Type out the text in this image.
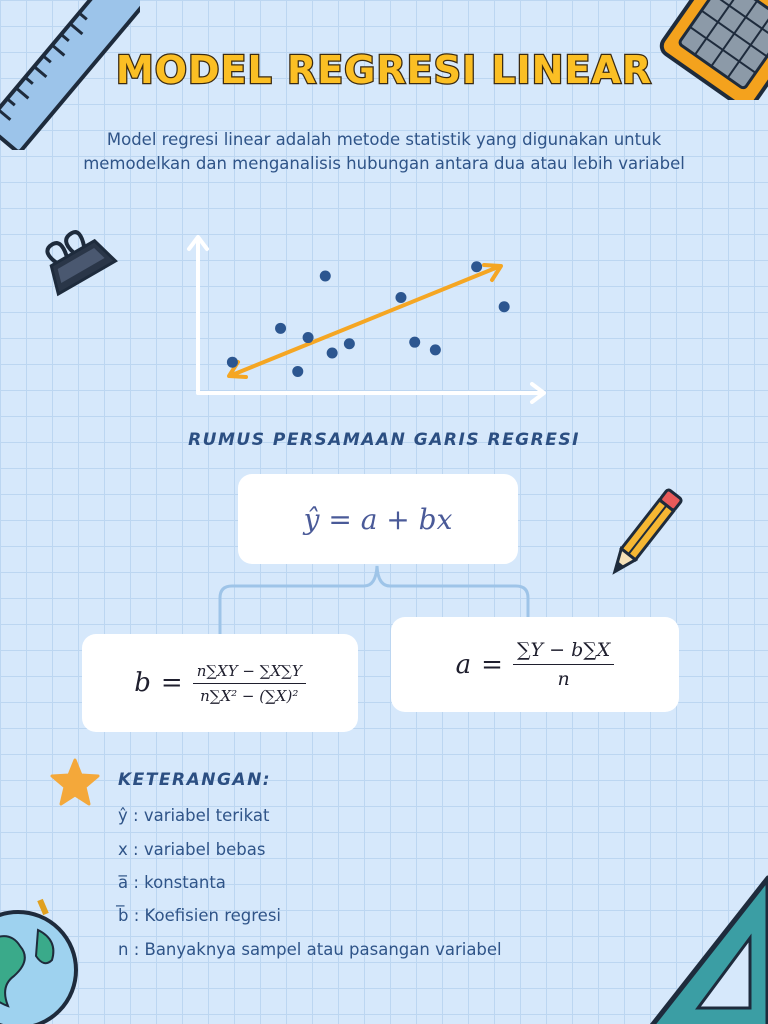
MODEL REGRESI LINEAR
Model regresi linear adalah metode statistik yang digunakan untuk
memodelkan dan menganalisis hubungan antara dua atau lebih variabel
RUMUS PERSAMAAN GARIS REGRESI
ŷ = a + bx
$b = \frac{n\sum XY - \sum X\sum Y}{\text{n∑X² − (∑X)²}}$	$a = \frac{\sum Y - b\sum X}{n}$
KETERANGAN:
ŷ : variabel terikat
x : variabel bebas
a̅ : konstanta
b̅ : Koefisien regresi
n : Banyaknya sampel atau pasangan variabel
